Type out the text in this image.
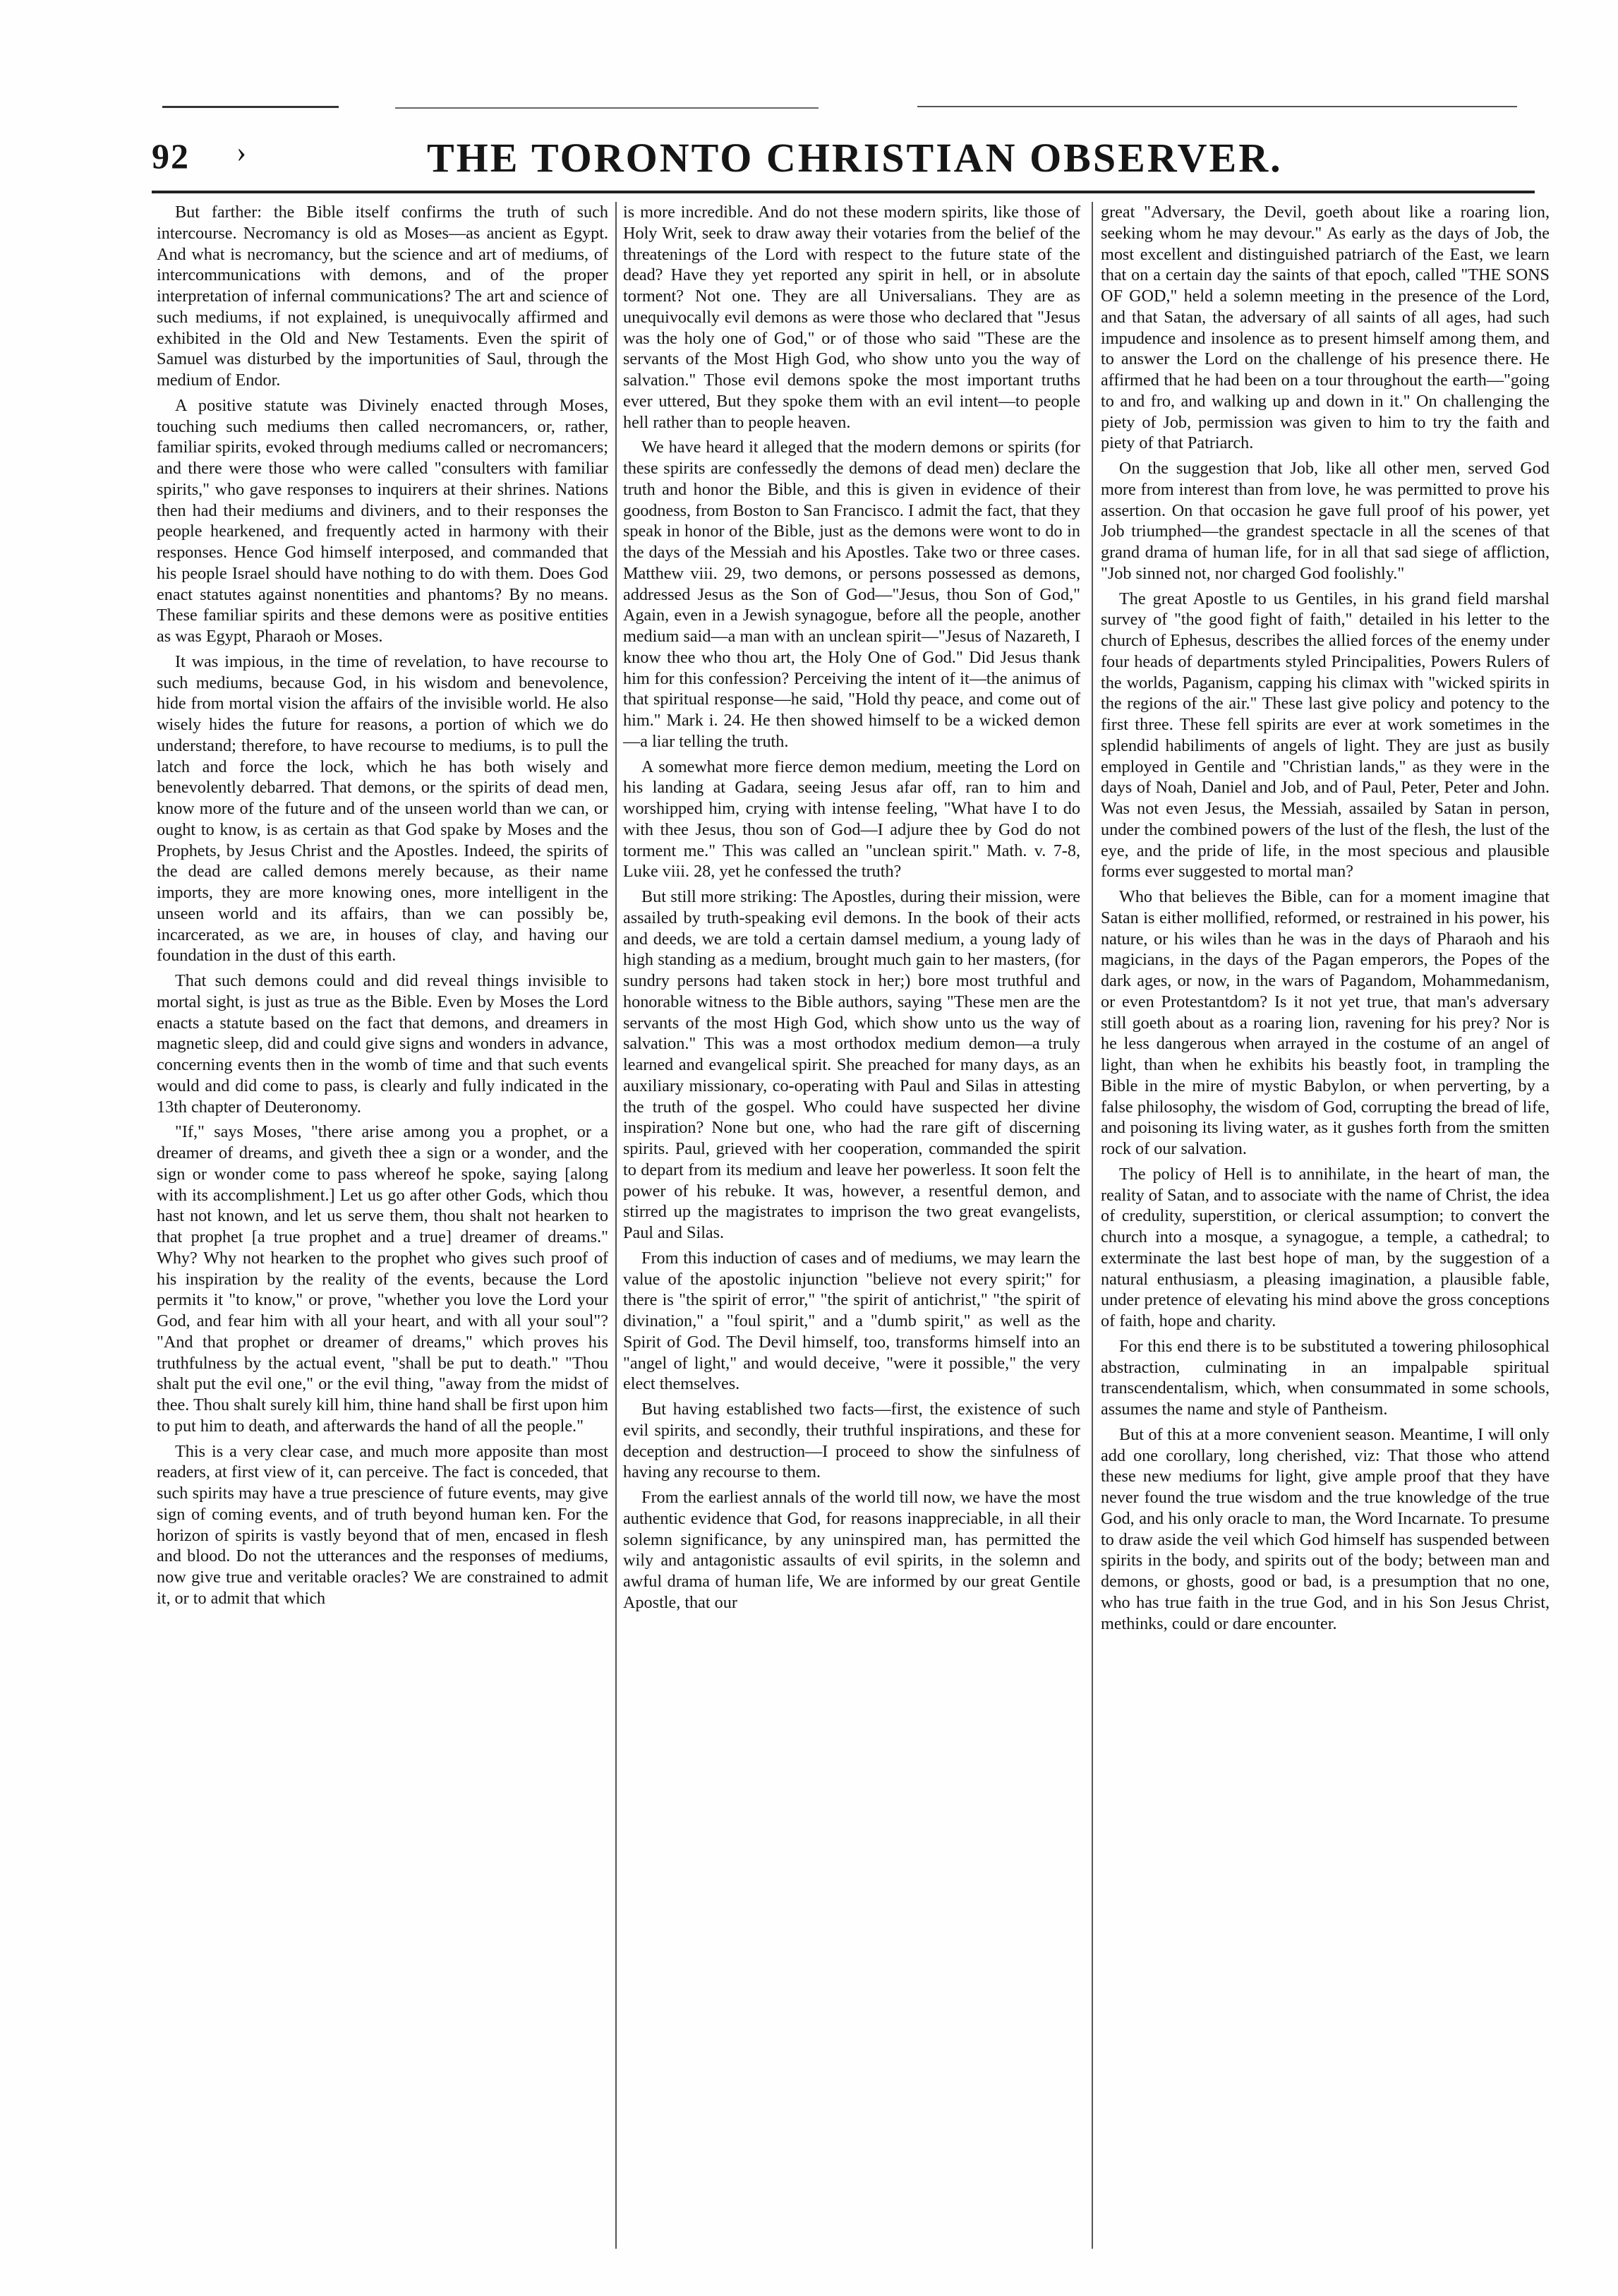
92 ›	THE TORONTO CHRISTIAN OBSERVER.

But farther: the Bible itself confirms the truth of such intercourse. Necromancy is old as Moses—as ancient as Egypt. And what is necromancy, but the science and art of mediums, of intercommunications with demons, and of the proper interpretation of infernal communications? The art and science of such mediums, if not explained, is unequivocally affirmed and exhibited in the Old and New Testaments. Even the spirit of Samuel was disturbed by the importunities of Saul, through the medium of Endor.

A positive statute was Divinely enacted through Moses, touching such mediums then called necromancers, or, rather, familiar spirits, evoked through mediums called or necromancers; and there were those who were called "consulters with familiar spirits," who gave responses to inquirers at their shrines. Nations then had their mediums and diviners, and to their responses the people hearkened, and frequently acted in harmony with their responses. Hence God himself interposed, and commanded that his people Israel should have nothing to do with them. Does God enact statutes against nonentities and phantoms? By no means. These familiar spirits and these demons were as positive entities as was Egypt, Pharaoh or Moses.

It was impious, in the time of revelation, to have recourse to such mediums, because God, in his wisdom and benevolence, hide from mortal vision the affairs of the invisible world. He also wisely hides the future for reasons, a portion of which we do understand; therefore, to have recourse to mediums, is to pull the latch and force the lock, which he has both wisely and benevolently debarred. That demons, or the spirits of dead men, know more of the future and of the unseen world than we can, or ought to know, is as certain as that God spake by Moses and the Prophets, by Jesus Christ and the Apostles. Indeed, the spirits of the dead are called demons merely because, as their name imports, they are more knowing ones, more intelligent in the unseen world and its affairs, than we can possibly be, incarcerated, as we are, in houses of clay, and having our foundation in the dust of this earth.

That such demons could and did reveal things invisible to mortal sight, is just as true as the Bible. Even by Moses the Lord enacts a statute based on the fact that demons, and dreamers in magnetic sleep, did and could give signs and wonders in advance, concerning events then in the womb of time and that such events would and did come to pass, is clearly and fully indicated in the 13th chapter of Deuteronomy.

"If," says Moses, "there arise among you a prophet, or a dreamer of dreams, and giveth thee a sign or a wonder, and the sign or wonder come to pass whereof he spoke, saying [along with its accomplishment.] Let us go after other Gods, which thou hast not known, and let us serve them, thou shalt not hearken to that prophet [a true prophet and a true] dreamer of dreams." Why? Why not hearken to the prophet who gives such proof of his inspiration by the reality of the events, because the Lord permits it "to know," or prove, "whether you love the Lord your God, and fear him with all your heart, and with all your soul"? "And that prophet or dreamer of dreams," which proves his truthfulness by the actual event, "shall be put to death." "Thou shalt put the evil one," or the evil thing, "away from the midst of thee. Thou shalt surely kill him, thine hand shall be first upon him to put him to death, and afterwards the hand of all the people."

This is a very clear case, and much more apposite than most readers, at first view of it, can perceive. The fact is conceded, that such spirits may have a true prescience of future events, may give sign of coming events, and of truth beyond human ken. For the horizon of spirits is vastly beyond that of men, encased in flesh and blood. Do not the utterances and the responses of mediums, now give true and veritable oracles? We are constrained to admit it, or to admit that which

is more incredible. And do not these modern spirits, like those of Holy Writ, seek to draw away their votaries from the belief of the threatenings of the Lord with respect to the future state of the dead? Have they yet reported any spirit in hell, or in absolute torment? Not one. They are all Universalians. They are as unequivocally evil demons as were those who declared that "Jesus was the holy one of God," or of those who said "These are the servants of the Most High God, who show unto you the way of salvation." Those evil demons spoke the most important truths ever uttered, But they spoke them with an evil intent—to people hell rather than to people heaven.

We have heard it alleged that the modern demons or spirits (for these spirits are confessedly the demons of dead men) declare the truth and honor the Bible, and this is given in evidence of their goodness, from Boston to San Francisco. I admit the fact, that they speak in honor of the Bible, just as the demons were wont to do in the days of the Messiah and his Apostles. Take two or three cases. Matthew viii. 29, two demons, or persons possessed as demons, addressed Jesus as the Son of God—"Jesus, thou Son of God," Again, even in a Jewish synagogue, before all the people, another medium said—a man with an unclean spirit—"Jesus of Nazareth, I know thee who thou art, the Holy One of God." Did Jesus thank him for this confession? Perceiving the intent of it—the animus of that spiritual response—he said, "Hold thy peace, and come out of him." Mark i. 24. He then showed himself to be a wicked demon—a liar telling the truth.

A somewhat more fierce demon medium, meeting the Lord on his landing at Gadara, seeing Jesus afar off, ran to him and worshipped him, crying with intense feeling, "What have I to do with thee Jesus, thou son of God—I adjure thee by God do not torment me." This was called an "unclean spirit." Math. v. 7-8, Luke viii. 28, yet he confessed the truth?

But still more striking: The Apostles, during their mission, were assailed by truth-speaking evil demons. In the book of their acts and deeds, we are told a certain damsel medium, a young lady of high standing as a medium, brought much gain to her masters, (for sundry persons had taken stock in her;) bore most truthful and honorable witness to the Bible authors, saying "These men are the servants of the most High God, which show unto us the way of salvation." This was a most orthodox medium demon—a truly learned and evangelical spirit. She preached for many days, as an auxiliary missionary, co-operating with Paul and Silas in attesting the truth of the gospel. Who could have suspected her divine inspiration? None but one, who had the rare gift of discerning spirits. Paul, grieved with her cooperation, commanded the spirit to depart from its medium and leave her powerless. It soon felt the power of his rebuke. It was, however, a resentful demon, and stirred up the magistrates to imprison the two great evangelists, Paul and Silas.

From this induction of cases and of mediums, we may learn the value of the apostolic injunction "believe not every spirit;" for there is "the spirit of error," "the spirit of antichrist," "the spirit of divination," a "foul spirit," and a "dumb spirit," as well as the Spirit of God. The Devil himself, too, transforms himself into an "angel of light," and would deceive, "were it possible," the very elect themselves.

But having established two facts—first, the existence of such evil spirits, and secondly, their truthful inspirations, and these for deception and destruction—I proceed to show the sinfulness of having any recourse to them.

From the earliest annals of the world till now, we have the most authentic evidence that God, for reasons inappreciable, in all their solemn significance, by any uninspired man, has permitted the wily and antagonistic assaults of evil spirits, in the solemn and awful drama of human life, We are informed by our great Gentile Apostle, that our

great "Adversary, the Devil, goeth about like a roaring lion, seeking whom he may devour." As early as the days of Job, the most excellent and distinguished patriarch of the East, we learn that on a certain day the saints of that epoch, called "THE SONS OF GOD," held a solemn meeting in the presence of the Lord, and that Satan, the adversary of all saints of all ages, had such impudence and insolence as to present himself among them, and to answer the Lord on the challenge of his presence there. He affirmed that he had been on a tour throughout the earth—"going to and fro, and walking up and down in it." On challenging the piety of Job, permission was given to him to try the faith and piety of that Patriarch.

On the suggestion that Job, like all other men, served God more from interest than from love, he was permitted to prove his assertion. On that occasion he gave full proof of his power, yet Job triumphed—the grandest spectacle in all the scenes of that grand drama of human life, for in all that sad siege of affliction, "Job sinned not, nor charged God foolishly."

The great Apostle to us Gentiles, in his grand field marshal survey of "the good fight of faith," detailed in his letter to the church of Ephesus, describes the allied forces of the enemy under four heads of departments styled Principalities, Powers Rulers of the worlds, Paganism, capping his climax with "wicked spirits in the regions of the air." These last give policy and potency to the first three. These fell spirits are ever at work sometimes in the splendid habiliments of angels of light. They are just as busily employed in Gentile and "Christian lands," as they were in the days of Noah, Daniel and Job, and of Paul, Peter, Peter and John. Was not even Jesus, the Messiah, assailed by Satan in person, under the combined powers of the lust of the flesh, the lust of the eye, and the pride of life, in the most specious and plausible forms ever suggested to mortal man?

Who that believes the Bible, can for a moment imagine that Satan is either mollified, reformed, or restrained in his power, his nature, or his wiles than he was in the days of Pharaoh and his magicians, in the days of the Pagan emperors, the Popes of the dark ages, or now, in the wars of Pagandom, Mohammedanism, or even Protestantdom? Is it not yet true, that man's adversary still goeth about as a roaring lion, ravening for his prey? Nor is he less dangerous when arrayed in the costume of an angel of light, than when he exhibits his beastly foot, in trampling the Bible in the mire of mystic Babylon, or when perverting, by a false philosophy, the wisdom of God, corrupting the bread of life, and poisoning its living water, as it gushes forth from the smitten rock of our salvation.

The policy of Hell is to annihilate, in the heart of man, the reality of Satan, and to associate with the name of Christ, the idea of credulity, superstition, or clerical assumption; to convert the church into a mosque, a synagogue, a temple, a cathedral; to exterminate the last best hope of man, by the suggestion of a natural enthusiasm, a pleasing imagination, a plausible fable, under pretence of elevating his mind above the gross conceptions of faith, hope and charity.

For this end there is to be substituted a towering philosophical abstraction, culminating in an impalpable spiritual transcendentalism, which, when consummated in some schools, assumes the name and style of Pantheism.

But of this at a more convenient season. Meantime, I will only add one corollary, long cherished, viz: That those who attend these new mediums for light, give ample proof that they have never found the true wisdom and the true knowledge of the true God, and his only oracle to man, the Word Incarnate. To presume to draw aside the veil which God himself has suspended between spirits in the body, and spirits out of the body; between man and demons, or ghosts, good or bad, is a presumption that no one, who has true faith in the true God, and in his Son Jesus Christ, methinks, could or dare encounter.
